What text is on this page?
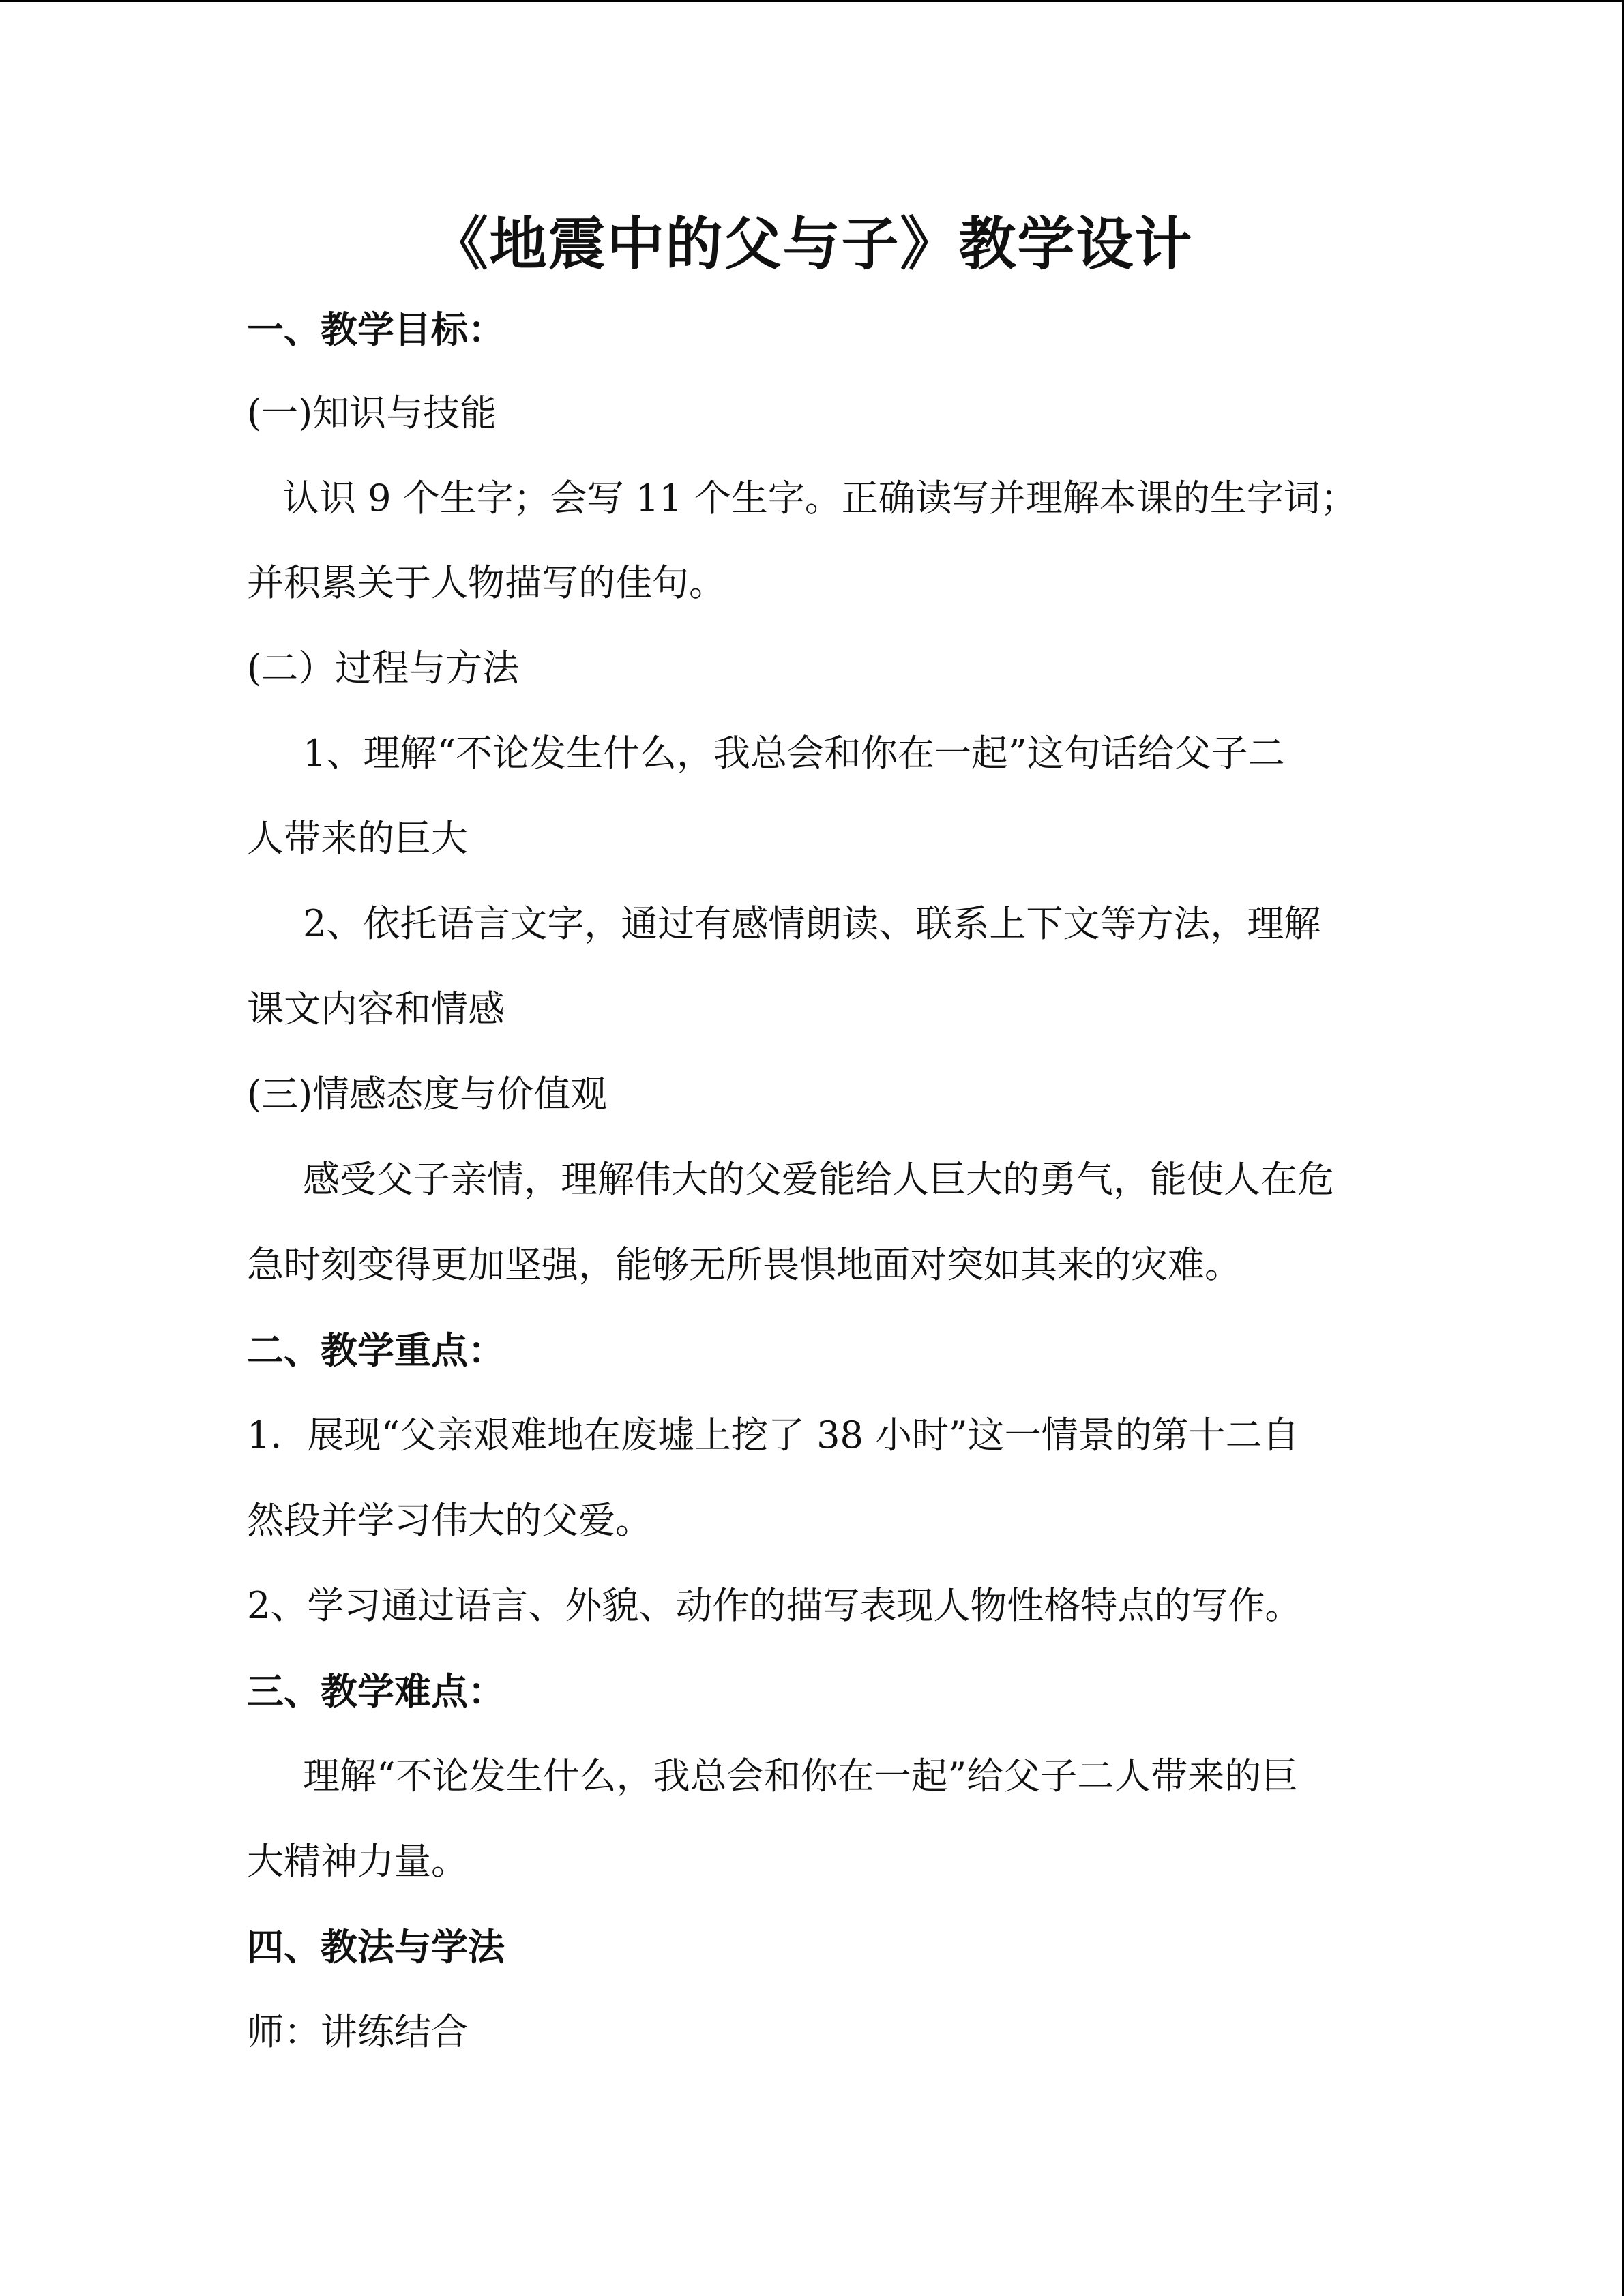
《地震中的父与子》教学设计
一、教学目标：
(一)知识与技能
认识 9 个生字；会写 11 个生字。正确读写并理解本课的生字词；
并积累关于人物描写的佳句。
(二）过程与方法
1、理解“不论发生什么，我总会和你在一起”这句话给父子二
人带来的巨大
2、依托语言文字，通过有感情朗读、联系上下文等方法，理解
课文内容和情感
(三)情感态度与价值观
感受父子亲情，理解伟大的父爱能给人巨大的勇气，能使人在危
急时刻变得更加坚强，能够无所畏惧地面对突如其来的灾难。
二、教学重点：
1．展现“父亲艰难地在废墟上挖了 38 小时”这一情景的第十二自
然段并学习伟大的父爱。
2、学习通过语言、外貌、动作的描写表现人物性格特点的写作。
三、教学难点：
理解“不论发生什么，我总会和你在一起”给父子二人带来的巨
大精神力量。
四、教法与学法
师：讲练结合
